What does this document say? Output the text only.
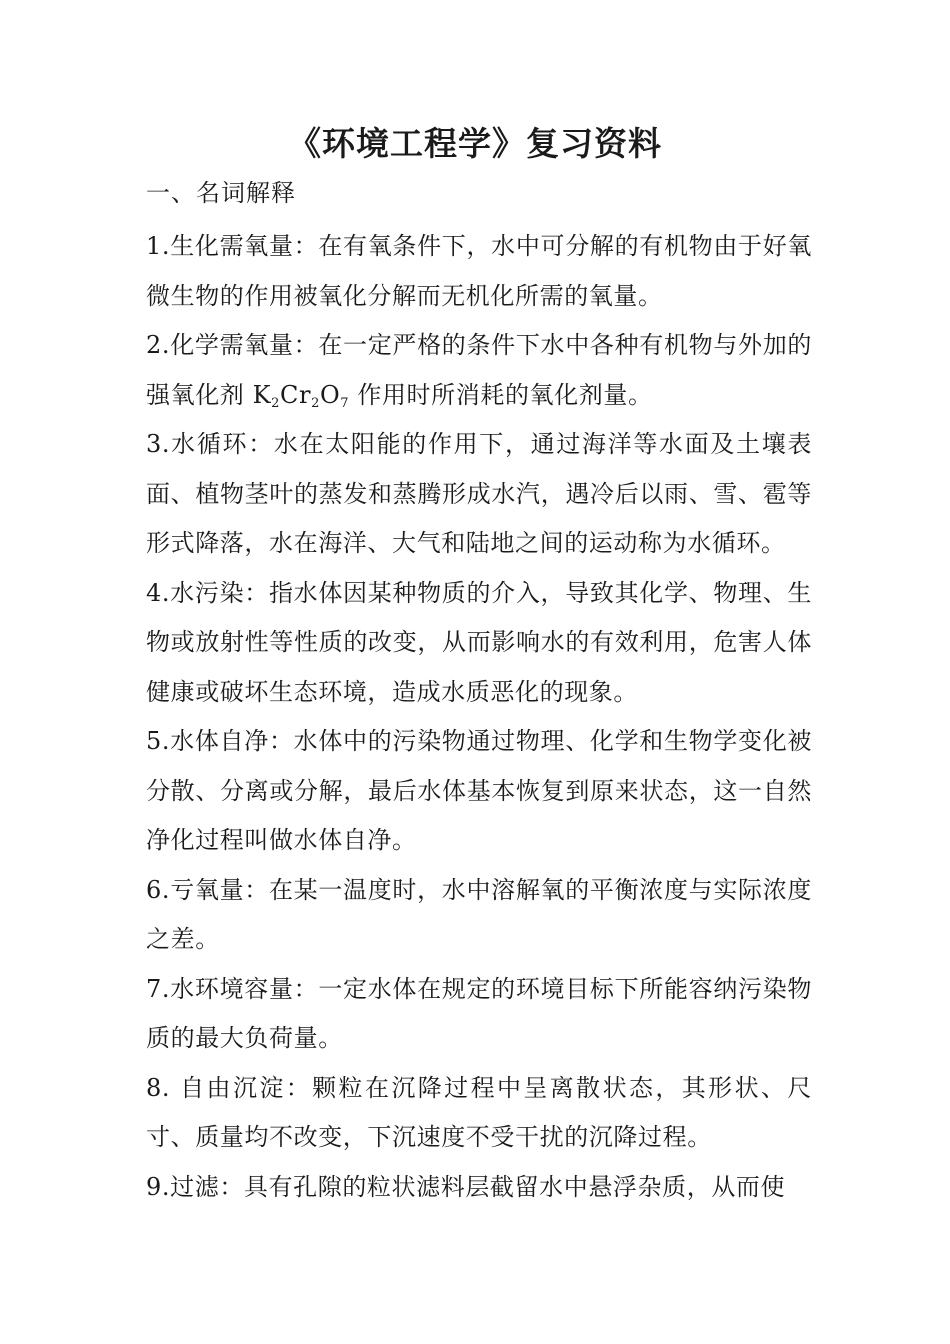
《环境工程学》复习资料
一、名词解释

1.生化需氧量：在有氧条件下，水中可分解的有机物由于好氧微生物的作用被氧化分解而无机化所需的氧量。

2.化学需氧量：在一定严格的条件下水中各种有机物与外加的强氧化剂 $K_2Cr_2O_7$ 作用时所消耗的氧化剂量。

3.水循环：水在太阳能的作用下，通过海洋等水面及土壤表面、植物茎叶的蒸发和蒸腾形成水汽，遇冷后以雨、雪、雹等形式降落，水在海洋、大气和陆地之间的运动称为水循环。

4.水污染：指水体因某种物质的介入，导致其化学、物理、生物或放射性等性质的改变，从而影响水的有效利用，危害人体健康或破坏生态环境，造成水质恶化的现象。

5.水体自净：水体中的污染物通过物理、化学和生物学变化被分散、分离或分解，最后水体基本恢复到原来状态，这一自然净化过程叫做水体自净。

6.亏氧量：在某一温度时，水中溶解氧的平衡浓度与实际浓度之差。

7.水环境容量：一定水体在规定的环境目标下所能容纳污染物质的最大负荷量。

8. 自由沉淀：颗粒在沉降过程中呈离散状态，其形状、尺寸、质量均不改变，下沉速度不受干扰的沉降过程。

9.过滤：具有孔隙的粒状滤料层截留水中悬浮杂质，从而使
